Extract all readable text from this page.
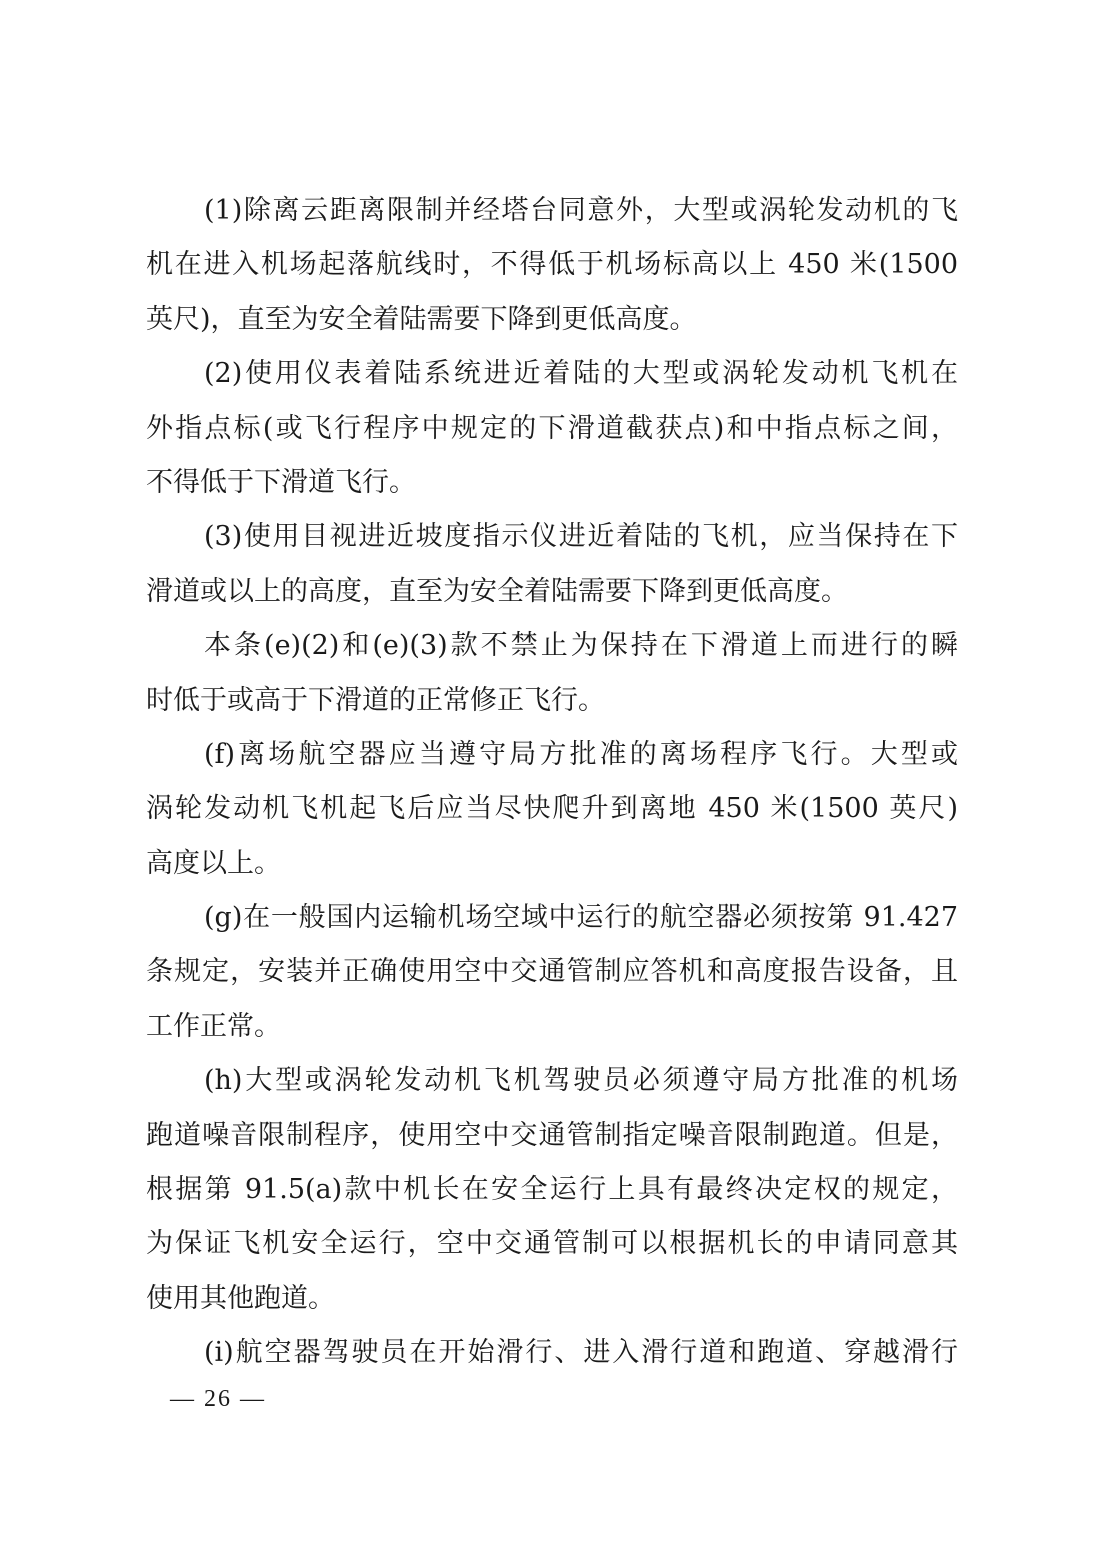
(1)除离云距离限制并经塔台同意外，大型或涡轮发动机的飞
机在进入机场起落航线时，不得低于机场标高以上 450 米(1500
英尺)，直至为安全着陆需要下降到更低高度。

(2)使用仪表着陆系统进近着陆的大型或涡轮发动机飞机在
外指点标(或飞行程序中规定的下滑道截获点)和中指点标之间，
不得低于下滑道飞行。

(3)使用目视进近坡度指示仪进近着陆的飞机，应当保持在下
滑道或以上的高度，直至为安全着陆需要下降到更低高度。

本条(e)(2)和(e)(3)款不禁止为保持在下滑道上而进行的瞬
时低于或高于下滑道的正常修正飞行。

(f)离场航空器应当遵守局方批准的离场程序飞行。大型或
涡轮发动机飞机起飞后应当尽快爬升到离地 450 米(1500 英尺)
高度以上。

(g)在一般国内运输机场空域中运行的航空器必须按第 91.427
条规定，安装并正确使用空中交通管制应答机和高度报告设备，且
工作正常。

(h)大型或涡轮发动机飞机驾驶员必须遵守局方批准的机场
跑道噪音限制程序，使用空中交通管制指定噪音限制跑道。但是，
根据第 91.5(a)款中机长在安全运行上具有最终决定权的规定，
为保证飞机安全运行，空中交通管制可以根据机长的申请同意其
使用其他跑道。

(i)航空器驾驶员在开始滑行、进入滑行道和跑道、穿越滑行

— 26 —
